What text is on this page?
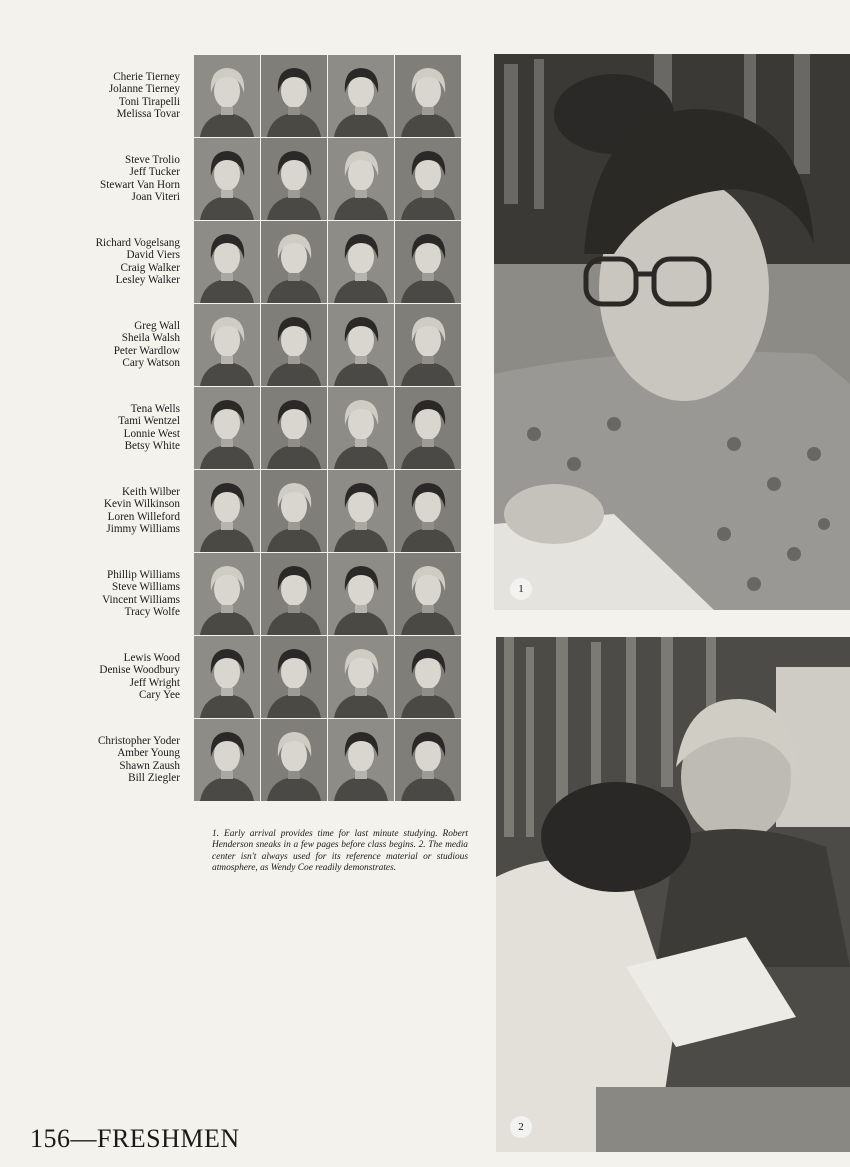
Cherie Tierney
Jolanne Tierney
Toni Tirapelli
Melissa Tovar
Steve Trolio
Jeff Tucker
Stewart Van Horn
Joan Viteri
Richard Vogelsang
David Viers
Craig Walker
Lesley Walker
Greg Wall
Sheila Walsh
Peter Wardlow
Cary Watson
Tena Wells
Tami Wentzel
Lonnie West
Betsy White
Keith Wilber
Kevin Wilkinson
Loren Willeford
Jimmy Williams
Phillip Williams
Steve Williams
Vincent Williams
Tracy Wolfe
Lewis Wood
Denise Woodbury
Jeff Wright
Cary Yee
Christopher Yoder
Amber Young
Shawn Zaush
Bill Ziegler
1. Early arrival provides time for last minute studying. Robert Henderson sneaks in a few pages before class begins. 2. The media center isn't always used for its reference material or studious atmosphere, as Wendy Coe readily demonstrates.
1
2
156—FRESHMEN
